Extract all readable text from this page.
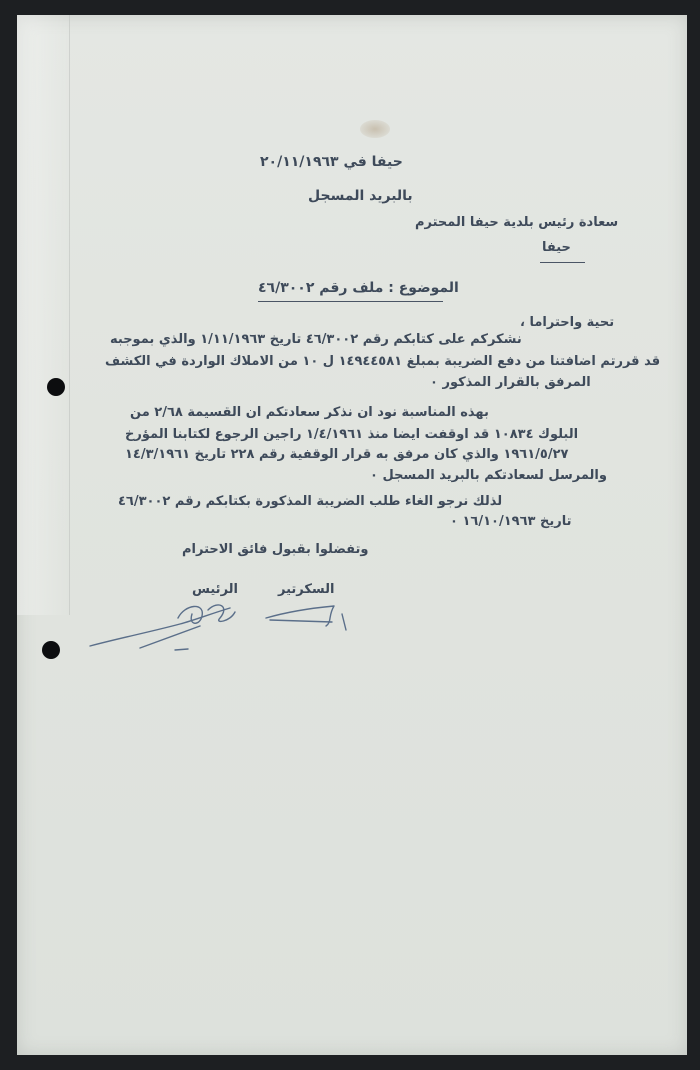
حيفا في ٢٠/١١/١٩٦٣
بالبريد المسجل
سعادة رئيس بلدية حيفا المحترم
حيفا
الموضوع : ملف رقم ٤٦/٣٠٠٢
تحية واحتراما ،
نشكركم على كتابكم رقم ٤٦/٣٠٠٢ تاريخ ١/١١/١٩٦٣ والذي بموجبه
قد قررتم اضافتنا من دفع الضريبة بمبلغ ١٤٩٤٤٥٨١ ل ١٠ من الاملاك الواردة في الكشف
المرفق بالقرار المذكور ٠
بهذه المناسبة نود ان نذكر سعادتكم ان القسيمة ٢/٦٨ من
البلوك ١٠٨٣٤ قد اوقفت ايضا منذ ١/٤/١٩٦١ راجين الرجوع لكتابنا المؤرخ
١٩٦١/٥/٢٧ والذي كان مرفق به قرار الوقفية رقم ٢٢٨ تاريخ ١٤/٣/١٩٦١
والمرسل لسعادتكم بالبريد المسجل ٠
لذلك نرجو الغاء طلب الضريبة المذكورة بكتابكم رقم ٤٦/٣٠٠٢
تاريخ ١٦/١٠/١٩٦٣ ٠
وتفضلوا بقبول فائق الاحترام
السكرتير
الرئيس
